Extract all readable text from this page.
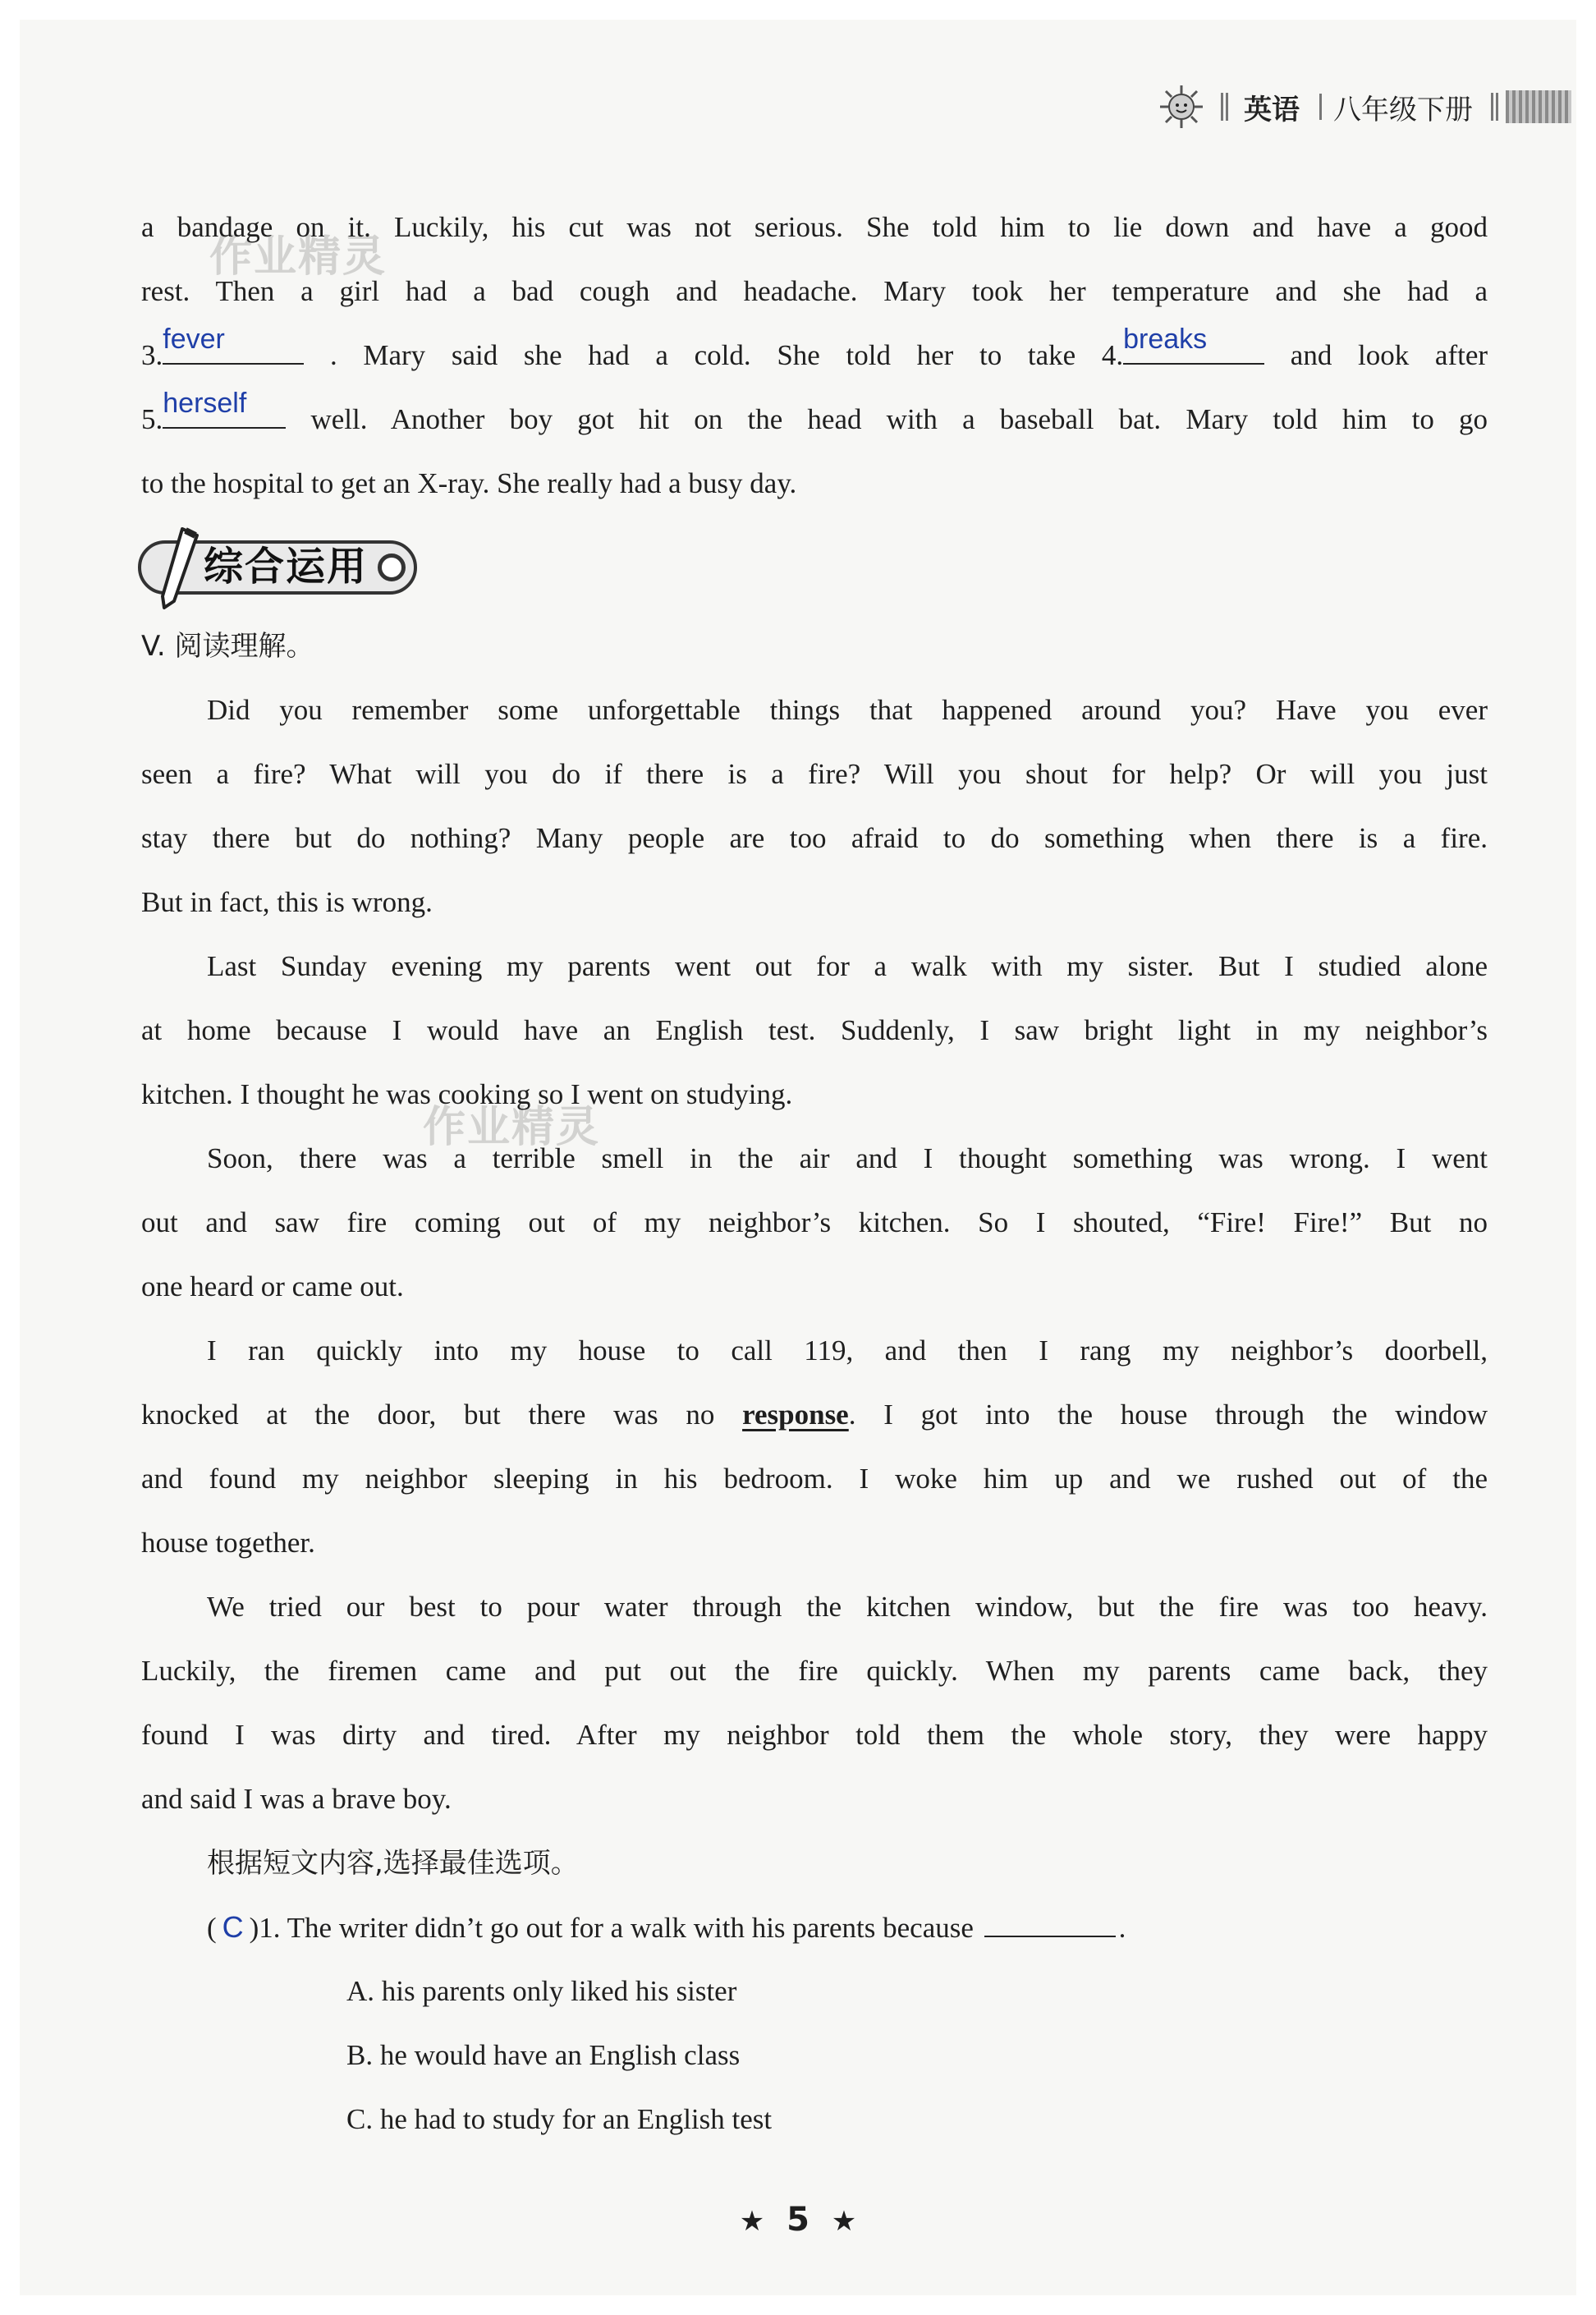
英语 八年级下册
作业精灵
作业精灵
a bandage on it. Luckily, his cut was not serious. She told him to lie down and have a good
rest. Then a girl had a bad cough and headache. Mary took her temperature and she had a
3. fever	. Mary said she had a cold. She told her to take 4. breaks	and look after
5. herself	well. Another boy got hit on the head with a baseball bat. Mary told him to go
to the hospital to get an X-ray. She really had a busy day.
综合运用
V. 阅读理解。
Did you remember some unforgettable things that happened around you? Have you ever
seen a fire? What will you do if there is a fire? Will you shout for help? Or will you just
stay there but do nothing? Many people are too afraid to do something when there is a fire.
But in fact, this is wrong.
Last Sunday evening my parents went out for a walk with my sister. But I studied alone
at home because I would have an English test. Suddenly, I saw bright light in my neighbor’s
kitchen. I thought he was cooking so I went on studying.
Soon, there was a terrible smell in the air and I thought something was wrong. I went
out and saw fire coming out of my neighbor’s kitchen. So I shouted, “Fire! Fire!” But no
one heard or came out.
I ran quickly into my house to call 119, and then I rang my neighbor’s doorbell,
knocked at the door, but there was no response. I got into the house through the window
and found my neighbor sleeping in his bedroom. I woke him up and we rushed out of the
house together.
We tried our best to pour water through the kitchen window, but the fire was too heavy.
Luckily, the firemen came and put out the fire quickly. When my parents came back, they
found I was dirty and tired. After my neighbor told them the whole story, they were happy
and said I was a brave boy.
根据短文内容,选择最佳选项。
( C )1. The writer didn’t go out for a walk with his parents because	.
A. his parents only liked his sister
B. he would have an English class
C. he had to study for an English test
★ 5 ★
